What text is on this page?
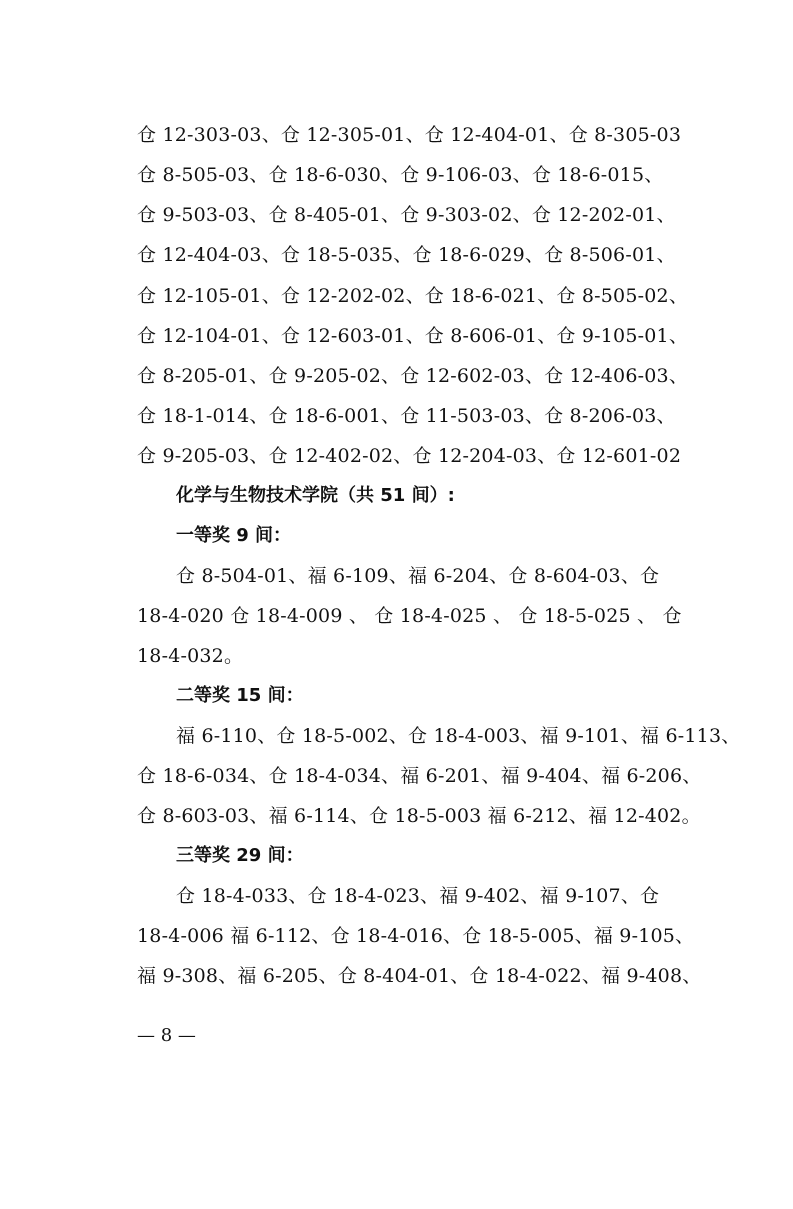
仓 12-303-03、仓 12-305-01、仓 12-404-01、仓 8-305-03
仓 8-505-03、仓 18-6-030、仓 9-106-03、仓 18-6-015、
仓 9-503-03、仓 8-405-01、仓 9-303-02、仓 12-202-01、
仓 12-404-03、仓 18-5-035、仓 18-6-029、仓 8-506-01、
仓 12-105-01、仓 12-202-02、仓 18-6-021、仓 8-505-02、
仓 12-104-01、仓 12-603-01、仓 8-606-01、仓 9-105-01、
仓 8-205-01、仓 9-205-02、仓 12-602-03、仓 12-406-03、
仓 18-1-014、仓 18-6-001、仓 11-503-03、仓 8-206-03、
仓 9-205-03、仓 12-402-02、仓 12-204-03、仓 12-601-02
化学与生物技术学院（共 51 间）:
一等奖 9 间：
仓 8-504-01、福 6-109、福 6-204、仓 8-604-03、仓
18-4-020 仓 18-4-009 、 仓 18-4-025 、 仓 18-5-025 、 仓
18-4-032。
二等奖 15 间：
福 6-110、仓 18-5-002、仓 18-4-003、福 9-101、福 6-113、
仓 18-6-034、仓 18-4-034、福 6-201、福 9-404、福 6-206、
仓 8-603-03、福 6-114、仓 18-5-003 福 6-212、福 12-402。
三等奖 29 间：
仓 18-4-033、仓 18-4-023、福 9-402、福 9-107、仓
18-4-006 福 6-112、仓 18-4-016、仓 18-5-005、福 9-105、
福 9-308、福 6-205、仓 8-404-01、仓 18-4-022、福 9-408、
— 8 —
